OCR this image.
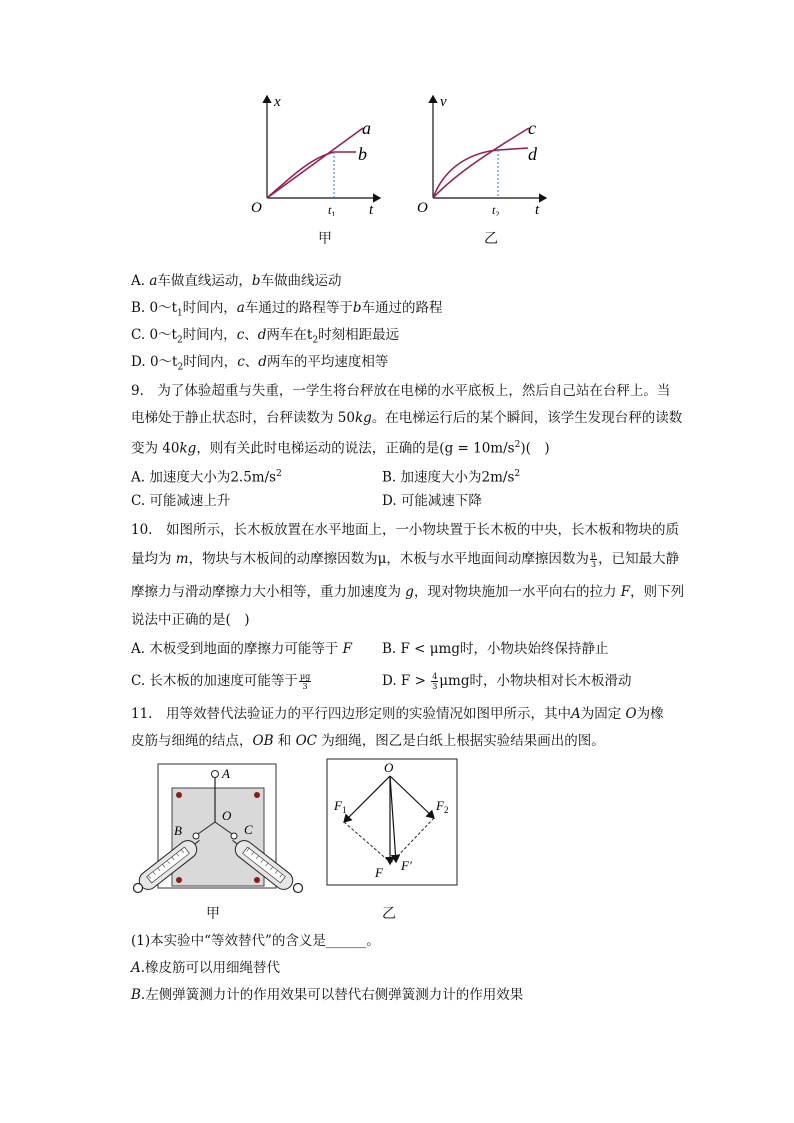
x
t
O
a
b
$t_1$
甲
v
t
O
c
d
$t_2$
乙
A. a车做直线运动，b车做曲线运动
B. $0\sim t_1$时间内，a车通过的路程等于b车通过的路程
C. $0\sim t_2$时间内，c、d两车在$t_2$时刻相距最远
D. $0\sim t_2$时间内，c、d两车的平均速度相等
9.　为了体验超重与失重，一学生将台秤放在电梯的水平底板上，然后自己站在台秤上。当
电梯处于静止状态时，台秤读数为 50kg。在电梯运行后的某个瞬间，该学生发现台秤的读数
变为 40kg，则有关此时电梯运动的说法，正确的是$(g = 10m/s^2)$(　)
A. 加速度大小为$2.5m/s^2$	B. 加速度大小为$2m/s^2$
C. 可能减速上升	D. 可能减速下降
10.　如图所示，长木板放置在水平地面上，一小物块置于长木板的中央，长木板和物块的质
量均为 m，物块与木板间的动摩擦因数为μ，木板与水平地面间动摩擦因数为 $\frac{\mu}{3}$ ，已知最大静
摩擦力与滑动摩擦力大小相等，重力加速度为 g，现对物块施加一水平向右的拉力 F，则下列
说法中正确的是(　)
A. 木板受到地面的摩擦力可能等于 F B. F < μmg时，小物块始终保持静止
C. 长木板的加速度可能等于 $\frac{\mu g}{3}$	D. $F > \frac{4}{3}$ μmg时，小物块相对长木板滑动
11.　用等效替代法验证力的平行四边形定则的实验情况如图甲所示，其中A为固定 O为橡
皮筋与细绳的结点，OB 和 OC 为细绳，图乙是白纸上根据实验结果画出的图。
A
O
B	C
甲
O
$F_1$	$F_2$
F F′
乙
(1)本实验中“等效替代”的含义是______。
A.橡皮筋可以用细绳替代
B.左侧弹簧测力计的作用效果可以替代右侧弹簧测力计的作用效果
